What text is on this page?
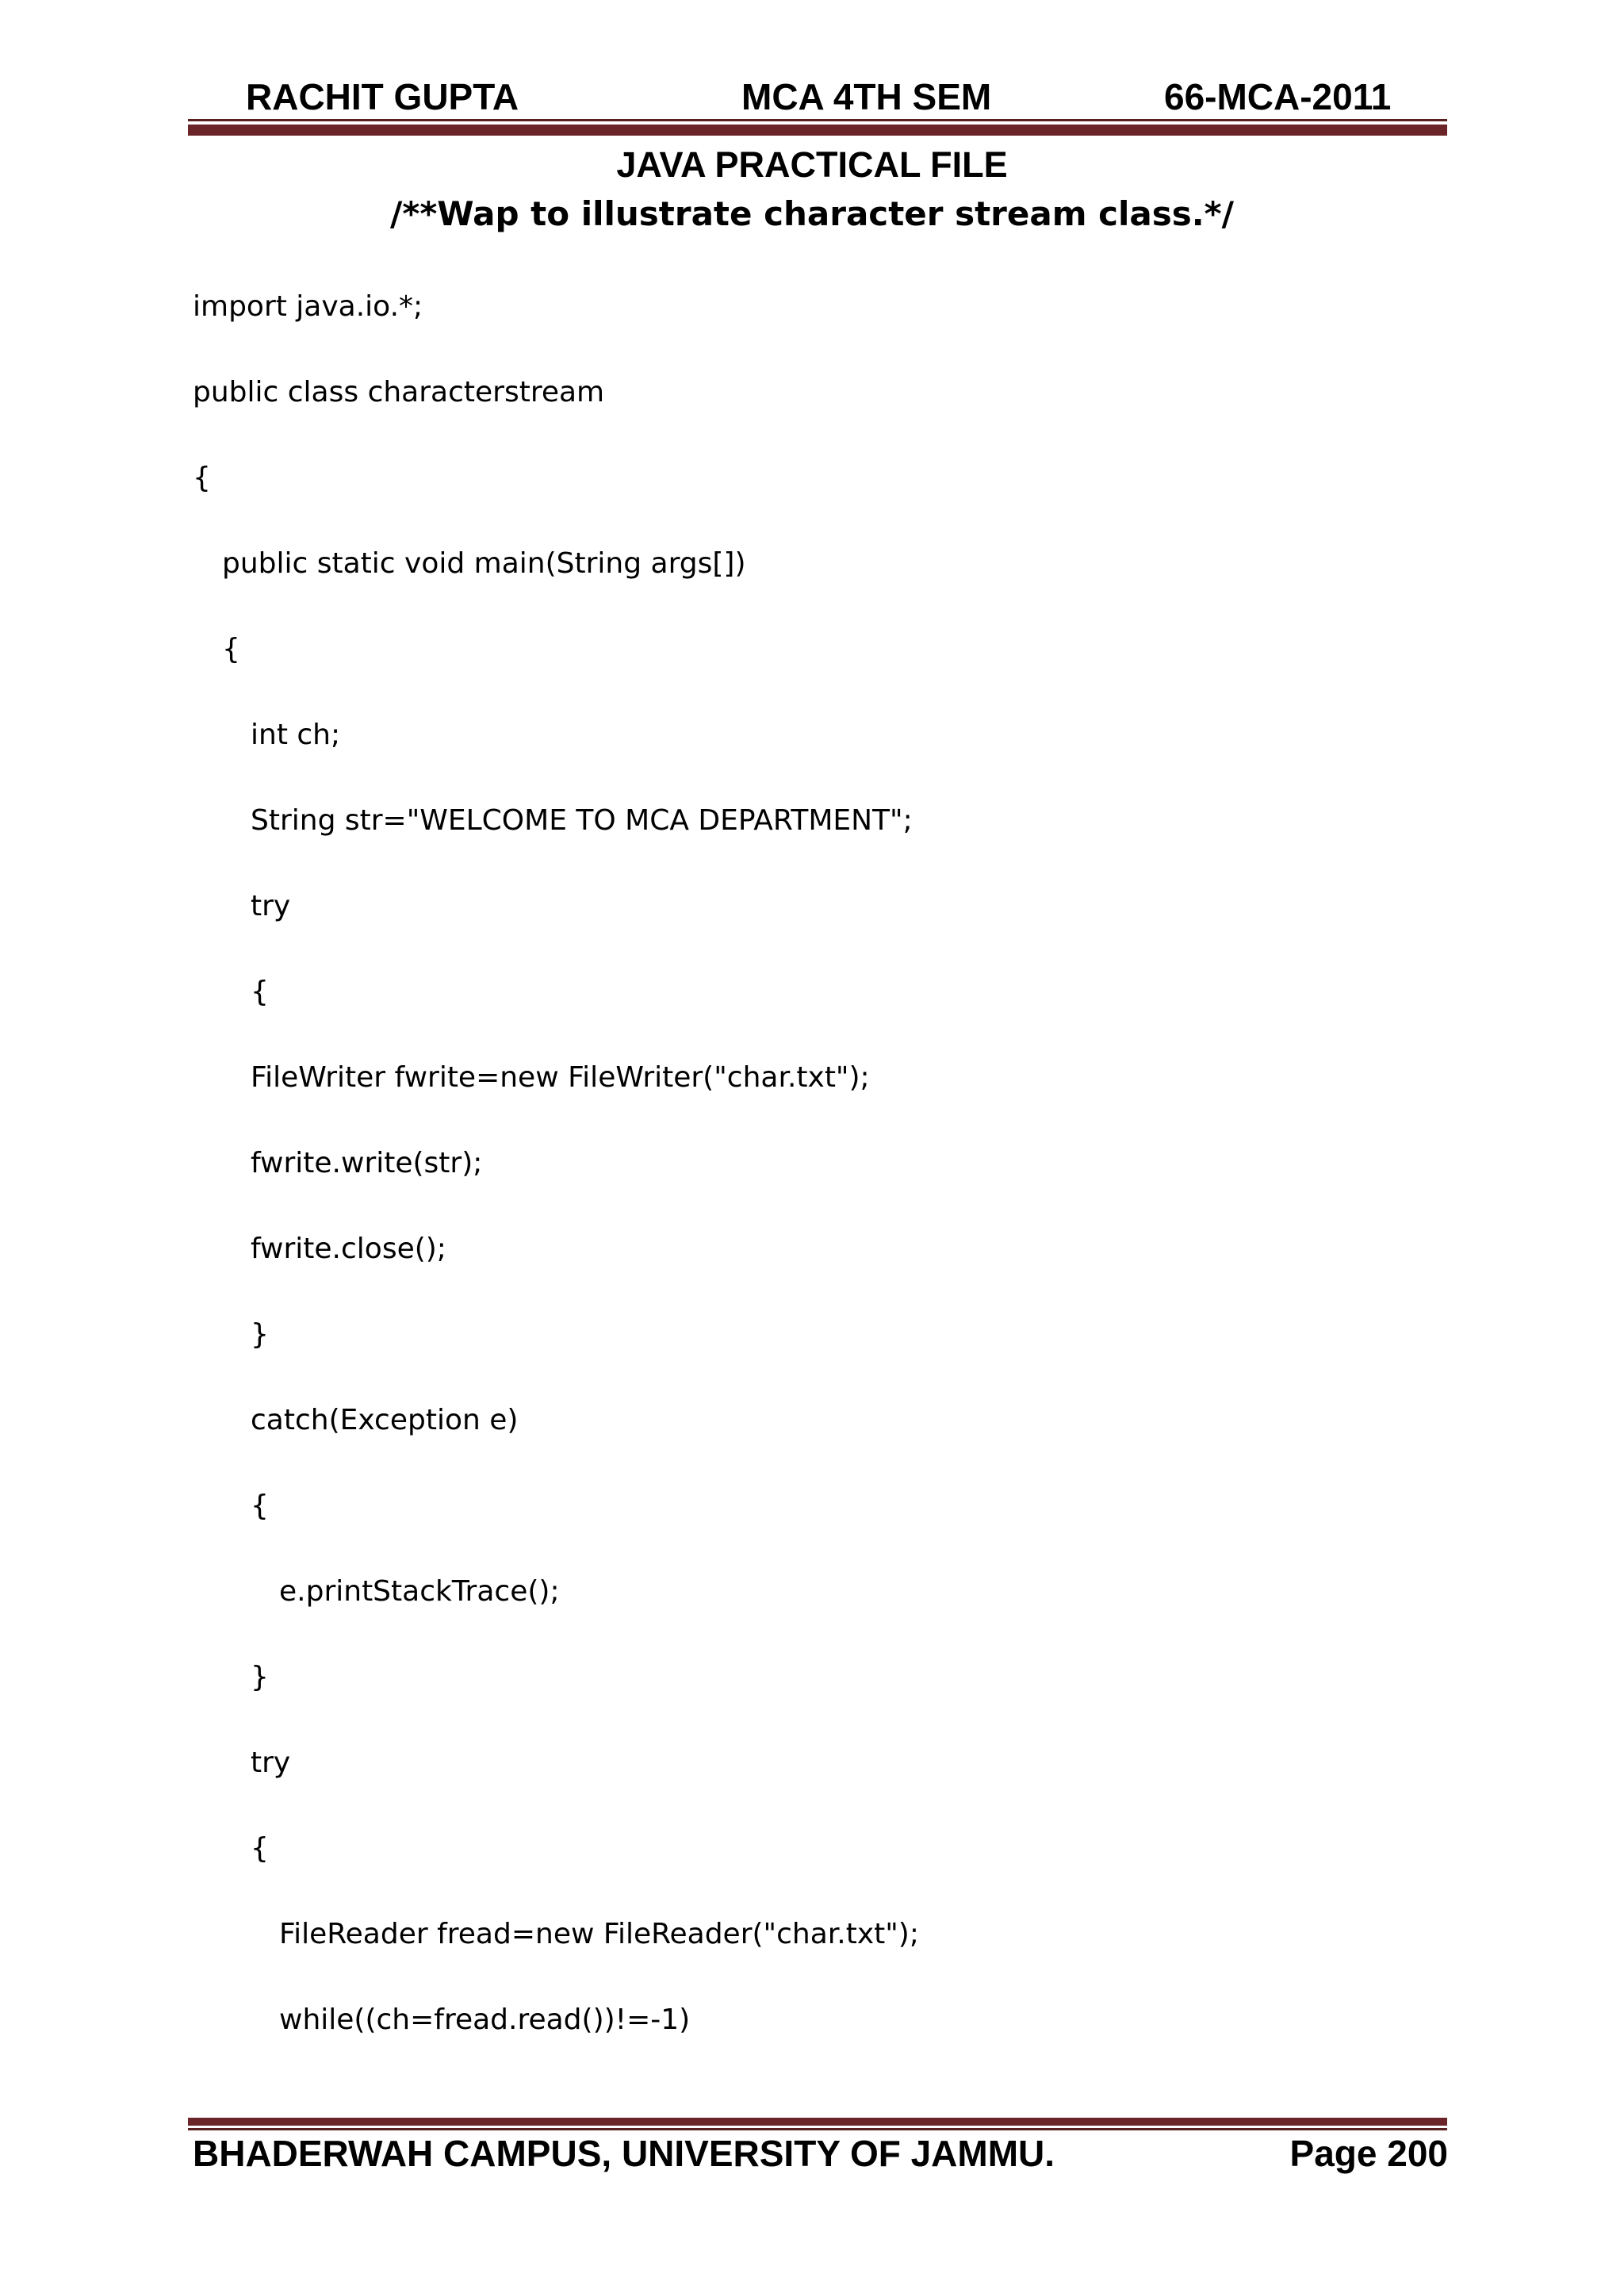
RACHIT GUPTA	MCA 4TH SEM	66-MCA-2011
JAVA PRACTICAL FILE
/**Wap to illustrate character stream class.*/
import java.io.*;
public class characterstream
{
public static void main(String args[])
{
int ch;
String str="WELCOME TO MCA DEPARTMENT";
try
{
FileWriter fwrite=new FileWriter("char.txt");
fwrite.write(str);
fwrite.close();
}
catch(Exception e)
{
e.printStackTrace();
}
try
{
FileReader fread=new FileReader("char.txt");
while((ch=fread.read())!=-1)
BHADERWAH CAMPUS, UNIVERSITY OF JAMMU.	Page 200
